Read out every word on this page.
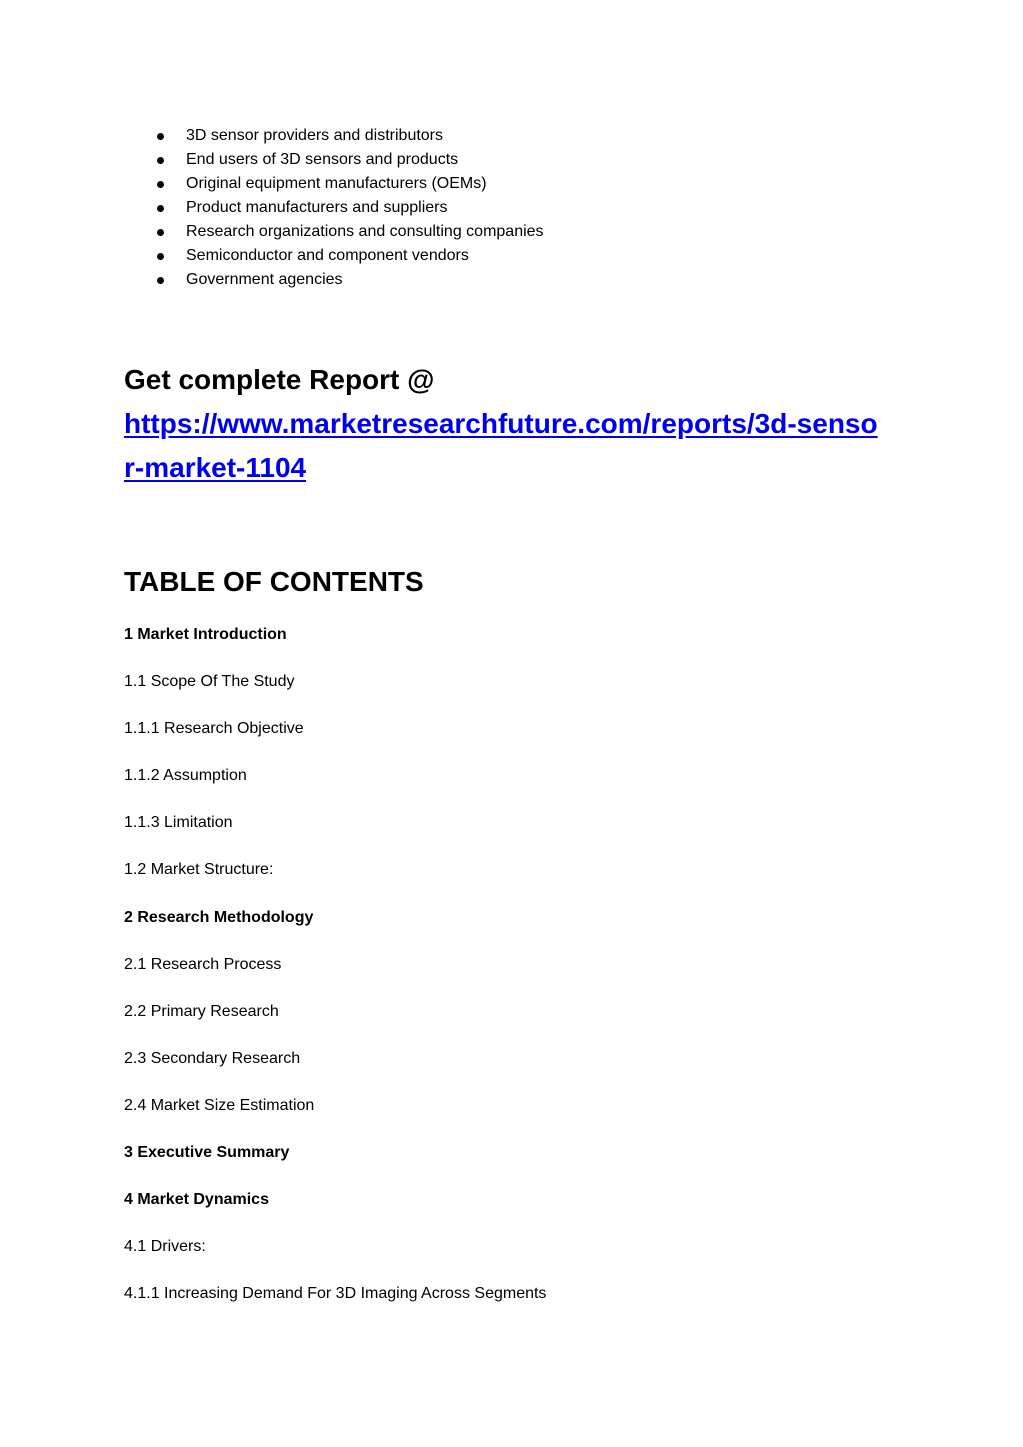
3D sensor providers and distributors
End users of 3D sensors and products
Original equipment manufacturers (OEMs)
Product manufacturers and suppliers
Research organizations and consulting companies
Semiconductor and component vendors
Government agencies

Get complete Report @
https://www.marketresearchfuture.com/reports/3d-sensor-market-1104

TABLE OF CONTENTS
1 Market Introduction
1.1 Scope Of The Study
1.1.1 Research Objective
1.1.2 Assumption
1.1.3 Limitation
1.2 Market Structure:
2 Research Methodology
2.1 Research Process
2.2 Primary Research
2.3 Secondary Research
2.4 Market Size Estimation
3 Executive Summary
4 Market Dynamics
4.1 Drivers:
4.1.1 Increasing Demand For 3D Imaging Across Segments
